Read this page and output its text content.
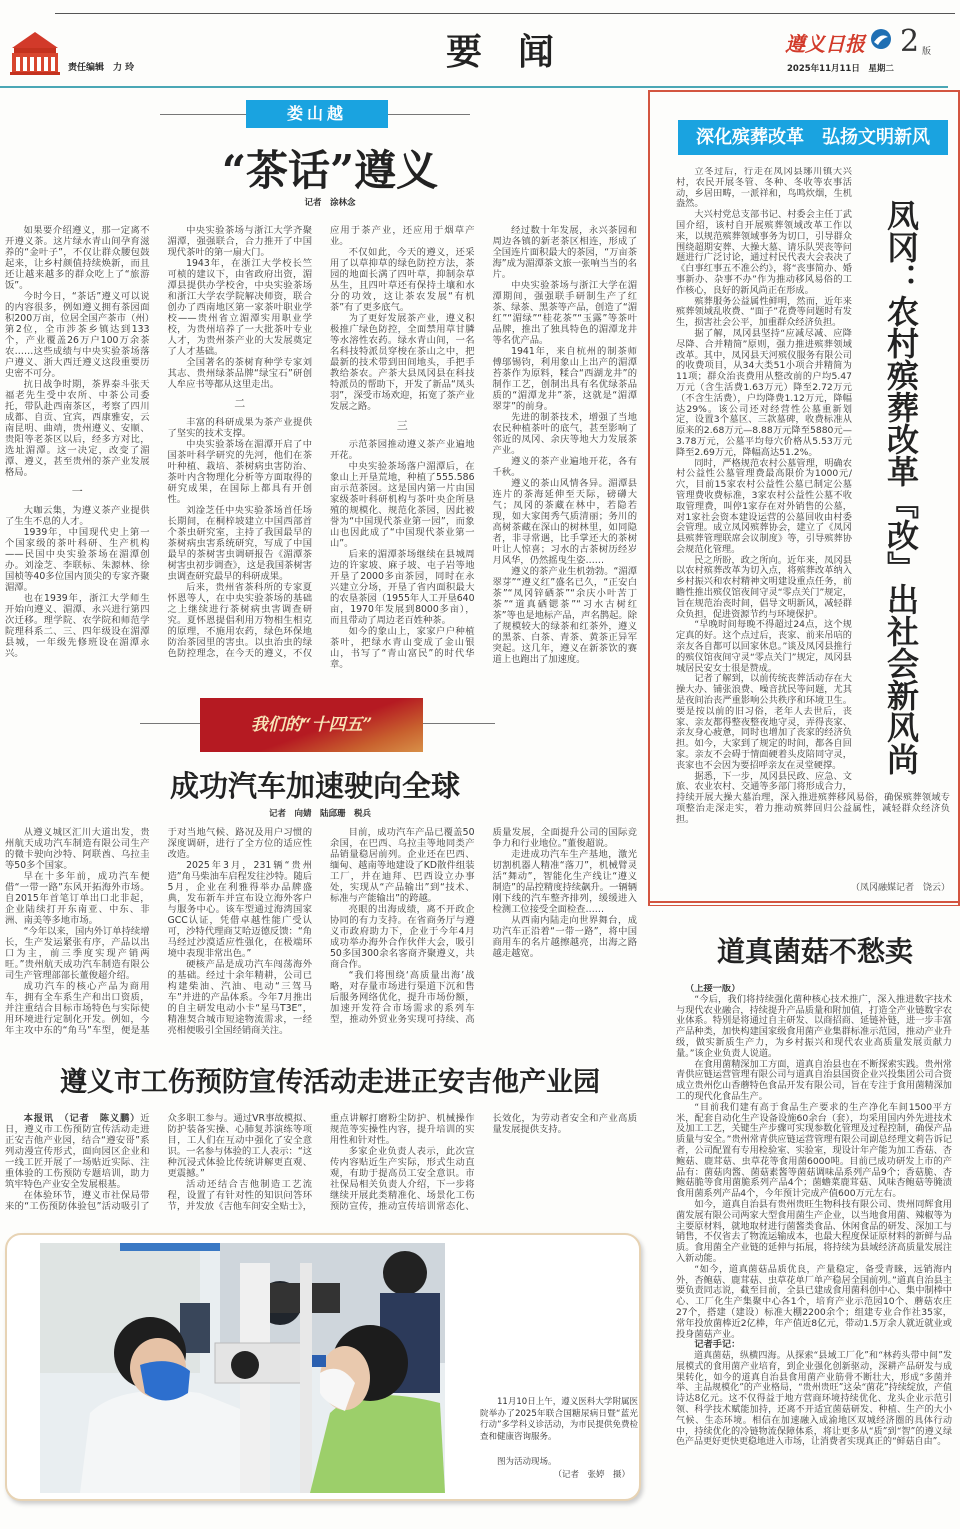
责任编辑　力 玲	要　闻	遵义日报 2 版
2025年11月11日　星期二
娄山越
“茶话”遵义
记者　涂林念

如果要介绍遵义，那一定离不开遵义茶。这片绿水青山间孕育滋养的“金叶子”，不仅让群众腰包鼓起来，让乡村颜值持续焕新，而且还让越来越多的群众吃上了“旅游饭”。

今时今日，“茶话”遵义可以说的内容很多，例如遵义拥有茶园面积200万亩，位居全国产茶市（州）第2位，全市涉茶乡镇达到133个，产业覆盖26万户100万余茶农……这些成绩与中央实验茶场落户遵义、浙大西迁遵义这段重要历史密不可分。

抗日战争时期，茶界泰斗张天福老先生受中农所、中茶公司委托，带队赴西南茶区，考察了四川成都、自贡、宜宾，西康雅安，云南昆明、曲靖，贵州遵义、安顺、贵阳等老茶区以后，经多方对比，选址湄潭。这一决定，改变了湄潭、遵义，甚至贵州的茶产业发展格局。

一

大咖云集，为遵义茶产业提供了生生不息的人才。

1939年，中国现代史上第一个国家级的茶叶科研、生产机构——民国中央实验茶场在湄潭创办。刘淦芝、李联标、朱源林、徐国桢等40多位国内顶尖的专家齐聚湄潭。

也在1939年，浙江大学师生开始向遵义、湄潭、永兴进行第四次迁移。理学院、农学院和师范学院理科系二、三、四年级设在湄潭县城，一年级先修班设在湄潭永兴。

中央实验茶场与浙江大学齐聚湄潭，强强联合，合力推开了中国现代茶叶的第一扇大门。

1943年，在浙江大学校长竺可桢的建议下，由省政府出资，湄潭县提供办学校舍，中央实验茶场和浙江大学农学院解决师资，联合创办了西南地区第一家茶叶职业学校——贵州省立湄潭实用职业学校，为贵州培养了一大批茶叶专业人才，为贵州茶产业的大发展奠定了人才基础。

全国著名的茶树育种学专家刘其志、贵州绿茶品牌“绿宝石”研创人牟应书等都从这里走出。

二

丰富的科研成果为茶产业提供了坚实的技术支撑。

中央实验茶场在湄潭开启了中国茶叶科学研究的先河，他们在茶叶种植、栽培、茶树病虫害防治、茶叶内含物理化分析等方面取得的研究成果，在国际上都具有开创性。

刘淦芝任中央实验茶场首任场长期间，在桐梓坡建立中国西部首个茶虫研究室，主持了我国最早的茶树病虫害系统研究，写成了中国最早的茶树害虫调研报告《湄潭茶树害虫初步调查》，这是我国茶树害虫调查研究最早的科研成果。

后来，贵州省茶科所的专家夏怀恩等人，在中央实验茶场的基础之上继续进行茶树病虫害调查研究。夏怀恩提倡利用万物相生相克的原理，不施用农药，绿色环保地防治茶园里的害虫。以虫治虫的绿色防控理念，在今天的遵义，不仅应用于茶产业，还应用于烟草产业。

不仅如此，今天的遵义，还采用了以草抑草的绿色防控方法，茶园的地面长满了四叶草，抑制杂草丛生，且四叶草还有保持土壤和水分的功效，这让茶农发展“有机茶”有了更多底气。

为了更好发展茶产业，遵义积极推广绿色防控，全面禁用草甘膦等水溶性农药。绿水青山间，一名名科技特派员穿梭在茶山之中，把最新的技术带到田间地头，手把手教给茶农。产茶大县凤冈县在科技特派员的帮助下，开发了新品“凤头羽”，深受市场欢迎，拓宽了茶产业发展之路。

三

示范茶园推动遵义茶产业遍地开花。

中央实验茶场落户湄潭后，在象山上开垦荒地，种植了555.586亩示范茶园。这是国内第一片由国家级茶叶科研机构与茶叶央企所垦殖的规模化、规范化茶园，因此被誉为“中国现代茶业第一园”，而象山也因此成了“中国现代茶业第一山”。

后来的湄潭茶场继续在县城周边的许家坡、麻子坡、屯子岩等地开垦了2000多亩茶园，同时在永兴建立分场，开垦了省内面积最大的农垦茶园（1955年人工开垦640亩，1970年发展到8000多亩），而且带动了周边老百姓种茶。

如今的象山上，家家户户种植茶叶，把绿水青山变成了金山银山，书写了“青山富民”的时代华章。

经过数十年发展，永兴茶园和周边各镇的新老茶区相连，形成了全国连片面积最大的茶园，“万亩茶海”成为湄潭茶文旅一张响当当的名片。

中央实验茶场与浙江大学在湄潭期间，强强联手研制生产了红茶、绿茶、黑茶等产品，创造了“湄红”“湄绿”“桂花茶”“玉露”等茶叶品牌，推出了独具特色的湄潭龙井等名优产品。

1941年，来自杭州的制茶师傅邬锡钧，利用象山上出产的湄潭苔茶作为原料，糅合“西湖龙井”的制作工艺，创制出具有名优绿茶品质的“湄潭龙井”茶，这就是“湄潭翠芽”的前身。

先进的制茶技术，增强了当地农民种植茶叶的底气，甚至影响了邻近的凤冈、余庆等地大力发展茶产业。

遵义的茶产业遍地开花，各有千秋。

遵义的茶山风情各异。湄潭县连片的茶海延伸至天际，磅礴大气；凤冈的茶藏在林中，若隐若现，如大家闺秀气质清丽；务川的高树茶藏在深山的树林里，如同隐者，非寻常遇，比手掌还大的茶树叶让人惊喜；习水的古茶树历经岁月风华，仍然摇曳生姿……

遵义的茶产业生机勃勃。“湄潭翠芽”“遵义红”盛名已久，“正安白茶”“凤冈锌硒茶”“余庆小叶苦丁茶”“道真硒锶茶”“习水古树红茶”等也是地标产品，声名鹊起。除了规模较大的绿茶和红茶外，遵义的黑茶、白茶、青茶、黄茶正异军突起。这几年，遵义在新茶饮的赛道上也跑出了加速度。

我们的“十四五”
成功汽车加速驶向全球
记者　向婧　陆邱珊　税兵

从遵义城区汇川大道出发，贵州航天成功汽车制造有限公司生产的微卡驶向沙特、阿联酋、乌拉圭等50多个国家。

早在十多年前，成功汽车便借“一带一路”东风开拓海外市场。自2015年首笔订单出口北非起，企业陆续打开东南亚、中东、非洲、南美等多地市场。

“今年以来，国内外订单持续增长，生产发运紧张有序，产品以出口为主，前三季度实现产销两旺。”贵州航天成功汽车制造有限公司生产管理部部长董俊超介绍。

成功汽车的核心产品为商用车，拥有全车系生产和出口资质，并注重结合目标市场特色与实际使用环境进行定制化开发。例如，今年主攻中东的“角马”车型，便是基于对当地气候、路况及用户习惯的深度调研，进行了全方位的适应性改造。

2025年3月，231辆“贵州造”角马柴油车启程发往沙特。随后5月，企业在利雅得举办品牌盛典，发布新车并宣布设立海外客户与服务中心。该车型通过海湾国家GCC认证，凭借卓越性能广受认可，沙特代理商艾哈迈德反馈：“角马经过沙漠适应性强化，在极端环境中表现非常出色。”

硬核产品是成功汽车闯荡海外的基础。经过十余年精耕，公司已构建柴油、汽油、电动“三驾马车”并进的产品体系。今年7月推出的自主研发电动小卡“星马T3E”，精准契合城市短途物流需求，一经亮相便吸引全国经销商关注。

目前，成功汽车产品已覆盖50余国，在巴西、乌拉圭等地同类产品销量稳居前列。企业还在巴西、缅甸、越南等地建设了KD散件组装工厂，并在迪拜、巴西设立办事处，实现从“产品输出”到“技术、标准与产能输出”的跨越。

亮眼的出海成绩，离不开政企协同的有力支持。在省商务厅与遵义市政府助力下，企业于今年4月成功举办海外合作伙伴大会，吸引50多国300余名客商齐聚遵义，共商合作。

“我们将围绕‘高质量出海’战略，对存量市场进行渠道下沉和售后服务网络优化，提升市场份额，加速开发符合市场需求的系列车型，推动外贸业务实现可持续、高质量发展，全面提升公司的国际竞争力和行业地位。”董俊超说。

走进成功汽车生产基地，激光切割机器人精准“落刀”，机械臂灵活“舞动”，智能化生产线让“遵义制造”的品控精度持续飙升。一辆辆刚下线的汽车整齐排列，缓缓进入检测工位接受全面检查……

从西南内陆走向世界舞台，成功汽车正沿着“一带一路”，将中国商用车的名片越擦越亮，出海之路越走越宽。

遵义市工伤预防宣传活动走进正安吉他产业园

本报讯　（记者　陈义鹏）近日，遵义市工伤预防宣传活动走进正安吉他产业园，结合“遵安哥”系列动漫宣传形式，面向园区企业和一线工匠开展了一场贴近实际、注重体验的工伤预防专题培训，助力筑牢特色产业安全发展根基。

在体验环节，遵义市社保局带来的“工伤预防体验包”活动吸引了众多职工参与。通过VR事故模拟、防护装备实操、心肺复苏演练等项目，工人们在互动中强化了安全意识。一名参与体验的工人表示：“这种沉浸式体验比传统讲解更直观、更震撼。”

活动还结合吉他制造工艺流程，设置了有针对性的知识问答环节，并发放《吉他车间安全贴士》，重点讲解打磨粉尘防护、机械操作规范等实操性内容，提升培训的实用性和针对性。

多家企业负责人表示，此次宣传内容贴近生产实际，形式生动直观，有助于提高员工安全意识。市社保局相关负责人介绍，下一步将继续开展此类精准化、场景化工伤预防宣传，推动宣传培训常态化、长效化，为劳动者安全和产业高质量发展提供支持。

11月10日上午，遵义医科大学附属医院举办了2025年联合国糖尿病日暨“蓝光行动”多学科义诊活动，为市民提供免费检查和健康咨询服务。
图为活动现场。
（记者　张婷　摄）
深化殡葬改革　弘扬文明新风
凤冈：农村殡葬改革『改』出社会新风尚

立冬过后，行走在凤冈县琊川镇大兴村，农民开展冬管、冬种、冬收等农事活动，乡居田畴，一派祥和，鸟鸣炊烟，生机盎然。

大兴村党总支部书记、村委会主任丁武国介绍，该村自开展殡葬领域改革工作以来，以规范殡葬领域事务为切口，引导群众围绕超期安葬、大操大墓、请乐队哭丧等问题进行广泛讨论，通过村民代表大会表决了《白事红事五不准公约》，将“丧事简办、婚事新办、杂事不办”作为推动移风易俗的工作核心，良好的新风尚正在形成。

殡葬服务公益属性鲜明，然而，近年来殡葬领域乱收费、“面子”花费等问题时有发生，损害社会公平，加重群众经济负担。

据了解，凤冈县坚持“应减尽减、应降尽降、合并精简”原则，强力推进殡葬领域改革。其中，凤冈县天河殡仪服务有限公司的收费项目，从34大类51小项合并精简为11项；群众治丧费用从整改前的户均5.47万元（含生活费1.63万元）降至2.72万元（不含生活费），户均降费1.12万元，降幅达29%。该公司还对经营性公墓重新划定，设置3个墓区、三款墓碑，收费标准从原来的2.68万元—8.88万元降至5880元—3.78万元，公墓平均每穴价格从5.53万元降至2.69万元，降幅高达51.2%。

同时，严格规范农村公墓管理，明确农村公益性公墓管理费最高限价为1000元/穴，目前15家农村公益性公墓已制定公墓管理费收费标准，3家农村公益性公墓不收取管理费，叫停1家存在对外销售的公墓，对1家社会资本建设运营的公墓回收由村委会管理。成立凤冈殡葬协会，建立了《凤冈县殡葬管理联席会议制度》等，引导殡葬协会规范化管理。

民之所盼，政之所向。近年来，凤冈县以农村殡葬改革为切入点，将殡葬改革纳入乡村振兴和农村精神文明建设重点任务，前瞻性推出殡仪馆夜间守灵“零点关门”规定，旨在规范治丧时间，倡导文明新风，减轻群众负担，促进资源节约与环境保护。

“早晚时间每晚不得超过24点，这个规定真的好。这个点过后，丧家、前来吊唁的亲友各自都可以回家休息。”谈及凤冈县推行的殡仪馆夜间守灵“零点关门”规定，凤冈县城居民安女士很是赞成。

记者了解到，以前传统丧葬活动存在大操大办、铺张浪费、噪音扰民等问题，尤其是夜间治丧严重影响公共秩序和环境卫生。要是按以前的旧习俗，老年人去世后，丧家、亲友都得整夜整夜地守灵，弄得丧家、亲友身心疲惫，同时也增加了丧家的经济负担。如今，大家到了规定的时间，都各自回家。亲友不会碍于情面硬着头皮陪同守灵，丧家也不会因为要招呼亲友在灵堂硬撑。

据悉，下一步，凤冈县民政、应急、文旅、农业农村、交通等多部门将形成合力，持续开展大操大墓治理，深入推进殡葬移风易俗，确保殡葬领域专项整治走深走实，着力推动殡葬回归公益属性，减轻群众经济负担。

（凤冈融媒记者　饶云）
道真菌菇不愁卖
（上接一版）

“今后，我们将持续强化菌种核心技术推广，深入推进数字技术与现代农业融合，持续提升产品质量和附加值，打造全产业链数字农业体系。特别是将通过自主研发、以商招商、延链补链，进一步丰富产品种类，加快构建国家级食用菌产业集群标准示范园，推动产业升级，做实新质生产力，为乡村振兴和现代农业高质量发展贡献力量。”该企业负责人说道。

在食用菌精深加工方面，道真自治县也在不断探索实践。贵州常青供应链运营管理有限公司与道真自治县国资企业兴投集团公司合资成立贵州仡山香蘑特色食品开发有限公司，旨在专注于食用菌精深加工的现代化食品生产。

“目前我们建有高于食品生产要求的生产净化车间1500平方米，配套自动化生产设备设施60余台（套），均采用国内外先进技术及加工工艺，关键生产步骤可实现参数化管理及过程控制，确保产品质量与安全。”贵州常青供应链运营管理有限公司副总经理文莉告诉记者，公司配置有专用检验室、实验室，现设计年产能为加工香菇、杏鲍菇、鹿茸菇、虫草花等食用菌6000吨。目前已成功研发上市的产品有：菌菇肉酱、菌菇素酱等菌菇调味品系列产品9个；香菇脆、杏鲍菇脆等食用菌脆系列产品4个；菌蟾菜鹿茸菇、风味杏鲍菇等腌渍食用菌系列产品4个，今年预计完成产值600万元左右。

如今，道真自治县有贵州贵旺生物科技有限公司、贵州同辉食用菌发展有限公司两家大型食用菌生产企业，以当地食用菌、辣椒等为主要原材料，就地取材进行菌酱类食品、休闲食品的研发、深加工与销售，不仅省去了物流运输成本，也最大程度保证原材料的新鲜与品质。食用菌全产业链的延伸与拓展，将持续为县域经济高质量发展注入新动能。

“如今，道真菌菇品质优良，产量稳定，备受青睐，远销海内外，杏鲍菇、鹿茸菇、虫草花单厂单产稳居全国前列。”道真自治县主要负责同志说，截至目前，全县已建成食用菌科创中心、集中制棒中心、工厂化生产集聚中心各1个，培育产业示范园10个、蘑菇农庄27个，搭建（建设）标准大棚2200余个；组建专业合作社35家，常年投放菌棒近2亿棒，年产值近8亿元，带动1.5万余人就近就业或投身菌菇产业。

记者手记：

道真菌菇，纵横四海。从探索“县域工厂化”和“林药头带中间”发展模式的食用菌产业培育，到企业强化创新驱动，深耕产品研发与成果转化，如今的道真自治县食用菌产业筋骨不断壮大，形成“多菌并举、主品规模化”的产业格局，“贵州贵旺”这朵“菌花”持续绽放，产值诗达8亿元。这不仅得益于地方营商环境持续优化、龙头企业示范引领、科学技术赋能加持，还离不开适宜菌菇研发、种植、生产的大小气候、生态环境。相信在加速融入成渝地区双城经济圈的具体行动中，持续优化的冷链物流保障体系，将让更多从“质”到“智”的遵义绿色产品更好更快更稳地进入市场，让消费者实现真正的“鲜菇自由”。
